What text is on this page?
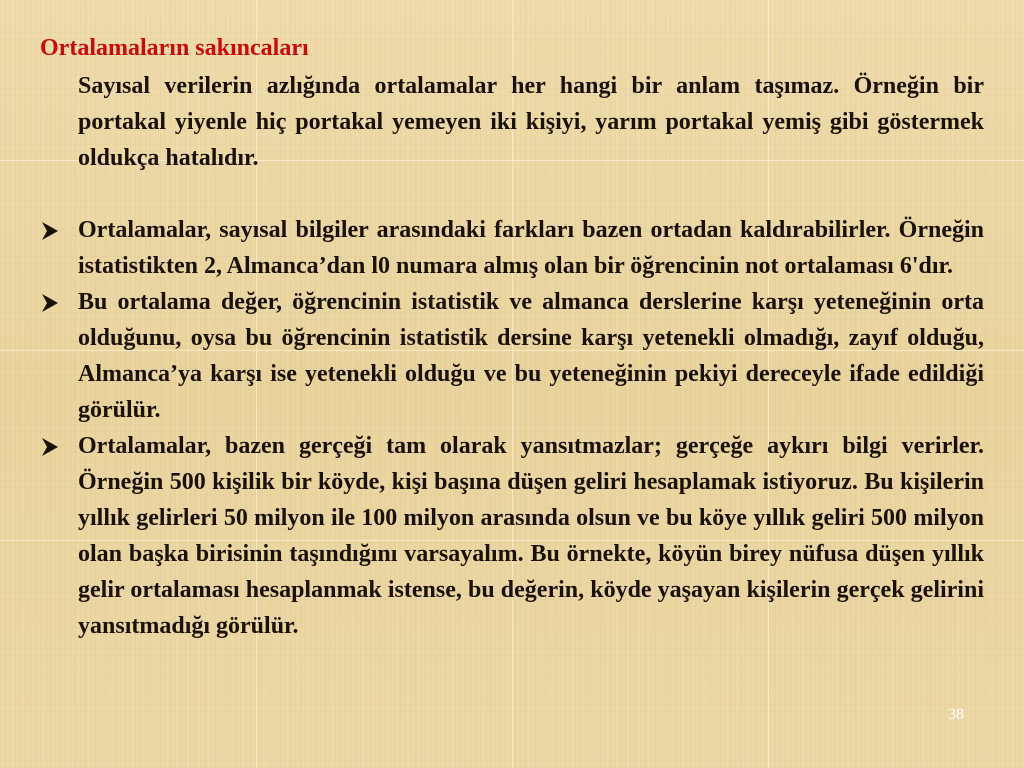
Ortalamaların sakıncaları

Sayısal verilerin azlığında ortalamalar her hangi bir anlam taşımaz. Örneğin bir portakal yiyenle hiç portakal yemeyen iki kişiyi, yarım portakal yemiş gibi göstermek oldukça hatalıdır.

Ortalamalar, sayısal bilgiler arasındaki farkları bazen ortadan kaldırabilirler. Örneğin istatistikten 2, Almanca’dan l0 numara almış olan bir öğrencinin not ortalaması 6'dır.
Bu ortalama değer, öğrencinin istatistik ve almanca derslerine karşı yeteneğinin orta olduğunu, oysa bu öğrencinin istatistik dersine karşı yetenekli olmadığı, zayıf olduğu, Almanca’ya karşı ise yetenekli olduğu ve bu yeteneğinin pekiyi dereceyle ifade edildiği görülür.
Ortalamalar, bazen gerçeği tam olarak yansıtmazlar; gerçeğe aykırı bilgi verirler. Örneğin 500 kişilik bir köyde, kişi başına düşen geliri hesaplamak istiyoruz. Bu kişilerin yıllık gelirleri 50 milyon ile 100 milyon arasında olsun ve bu köye yıllık geliri 500 milyon olan başka birisinin taşındığını varsayalım. Bu örnekte, köyün birey nüfusa düşen yıllık gelir ortalaması hesaplanmak istense, bu değerin, köyde yaşayan kişilerin gerçek gelirini yansıtmadığı görülür.
38
